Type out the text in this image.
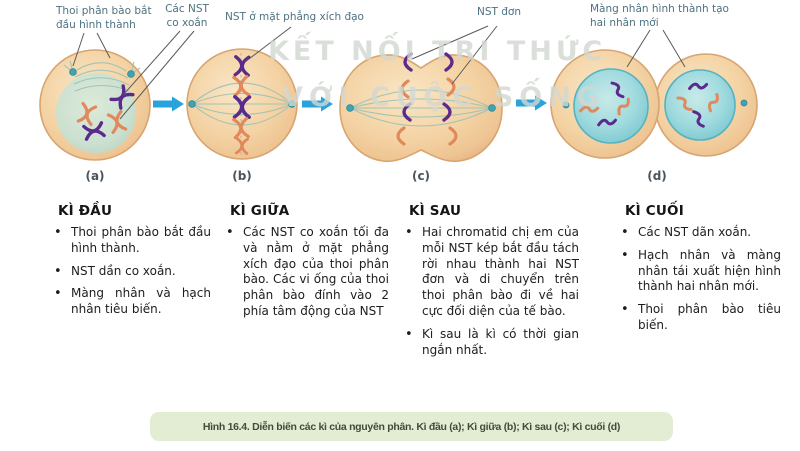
KẾT NỐI TRI THỨC
VỚI CUỘC SỐNG
Thoi phân bào bắt đầu hình thành
Các NST co xoắn	NST ở mặt phẳng xích đạo	NST đơn	Màng nhân hình thành tạo hai nhân mới
(a)	(b)	(c)	(d)
KÌ ĐẦU
• Thoi phân bào bắt đầu hình thành.
• NST dần co xoắn.
• Màng nhân và hạch nhân tiêu biến.
KÌ GIỮA
• Các NST co xoắn tối đa và nằm ở mặt phẳng xích đạo của thoi phân bào. Các vi ống của thoi phân bào đính vào 2 phía tâm động của NST
KÌ SAU
• Hai chromatid chị em của mỗi NST kép bắt đầu tách rời nhau thành hai NST đơn và di chuyển trên thoi phân bào đi về hai cực đối diện của tế bào.
• Kì sau là kì có thời gian ngắn nhất.
KÌ CUỐI
• Các NST dãn xoắn.
• Hạch nhân và màng nhân tái xuất hiện hình thành hai nhân mới.
• Thoi phân bào tiêu biến.
Hình 16.4. Diễn biến các kì của nguyên phân. Kì đầu (a); Kì giữa (b); Kì sau (c); Kì cuối (d)
